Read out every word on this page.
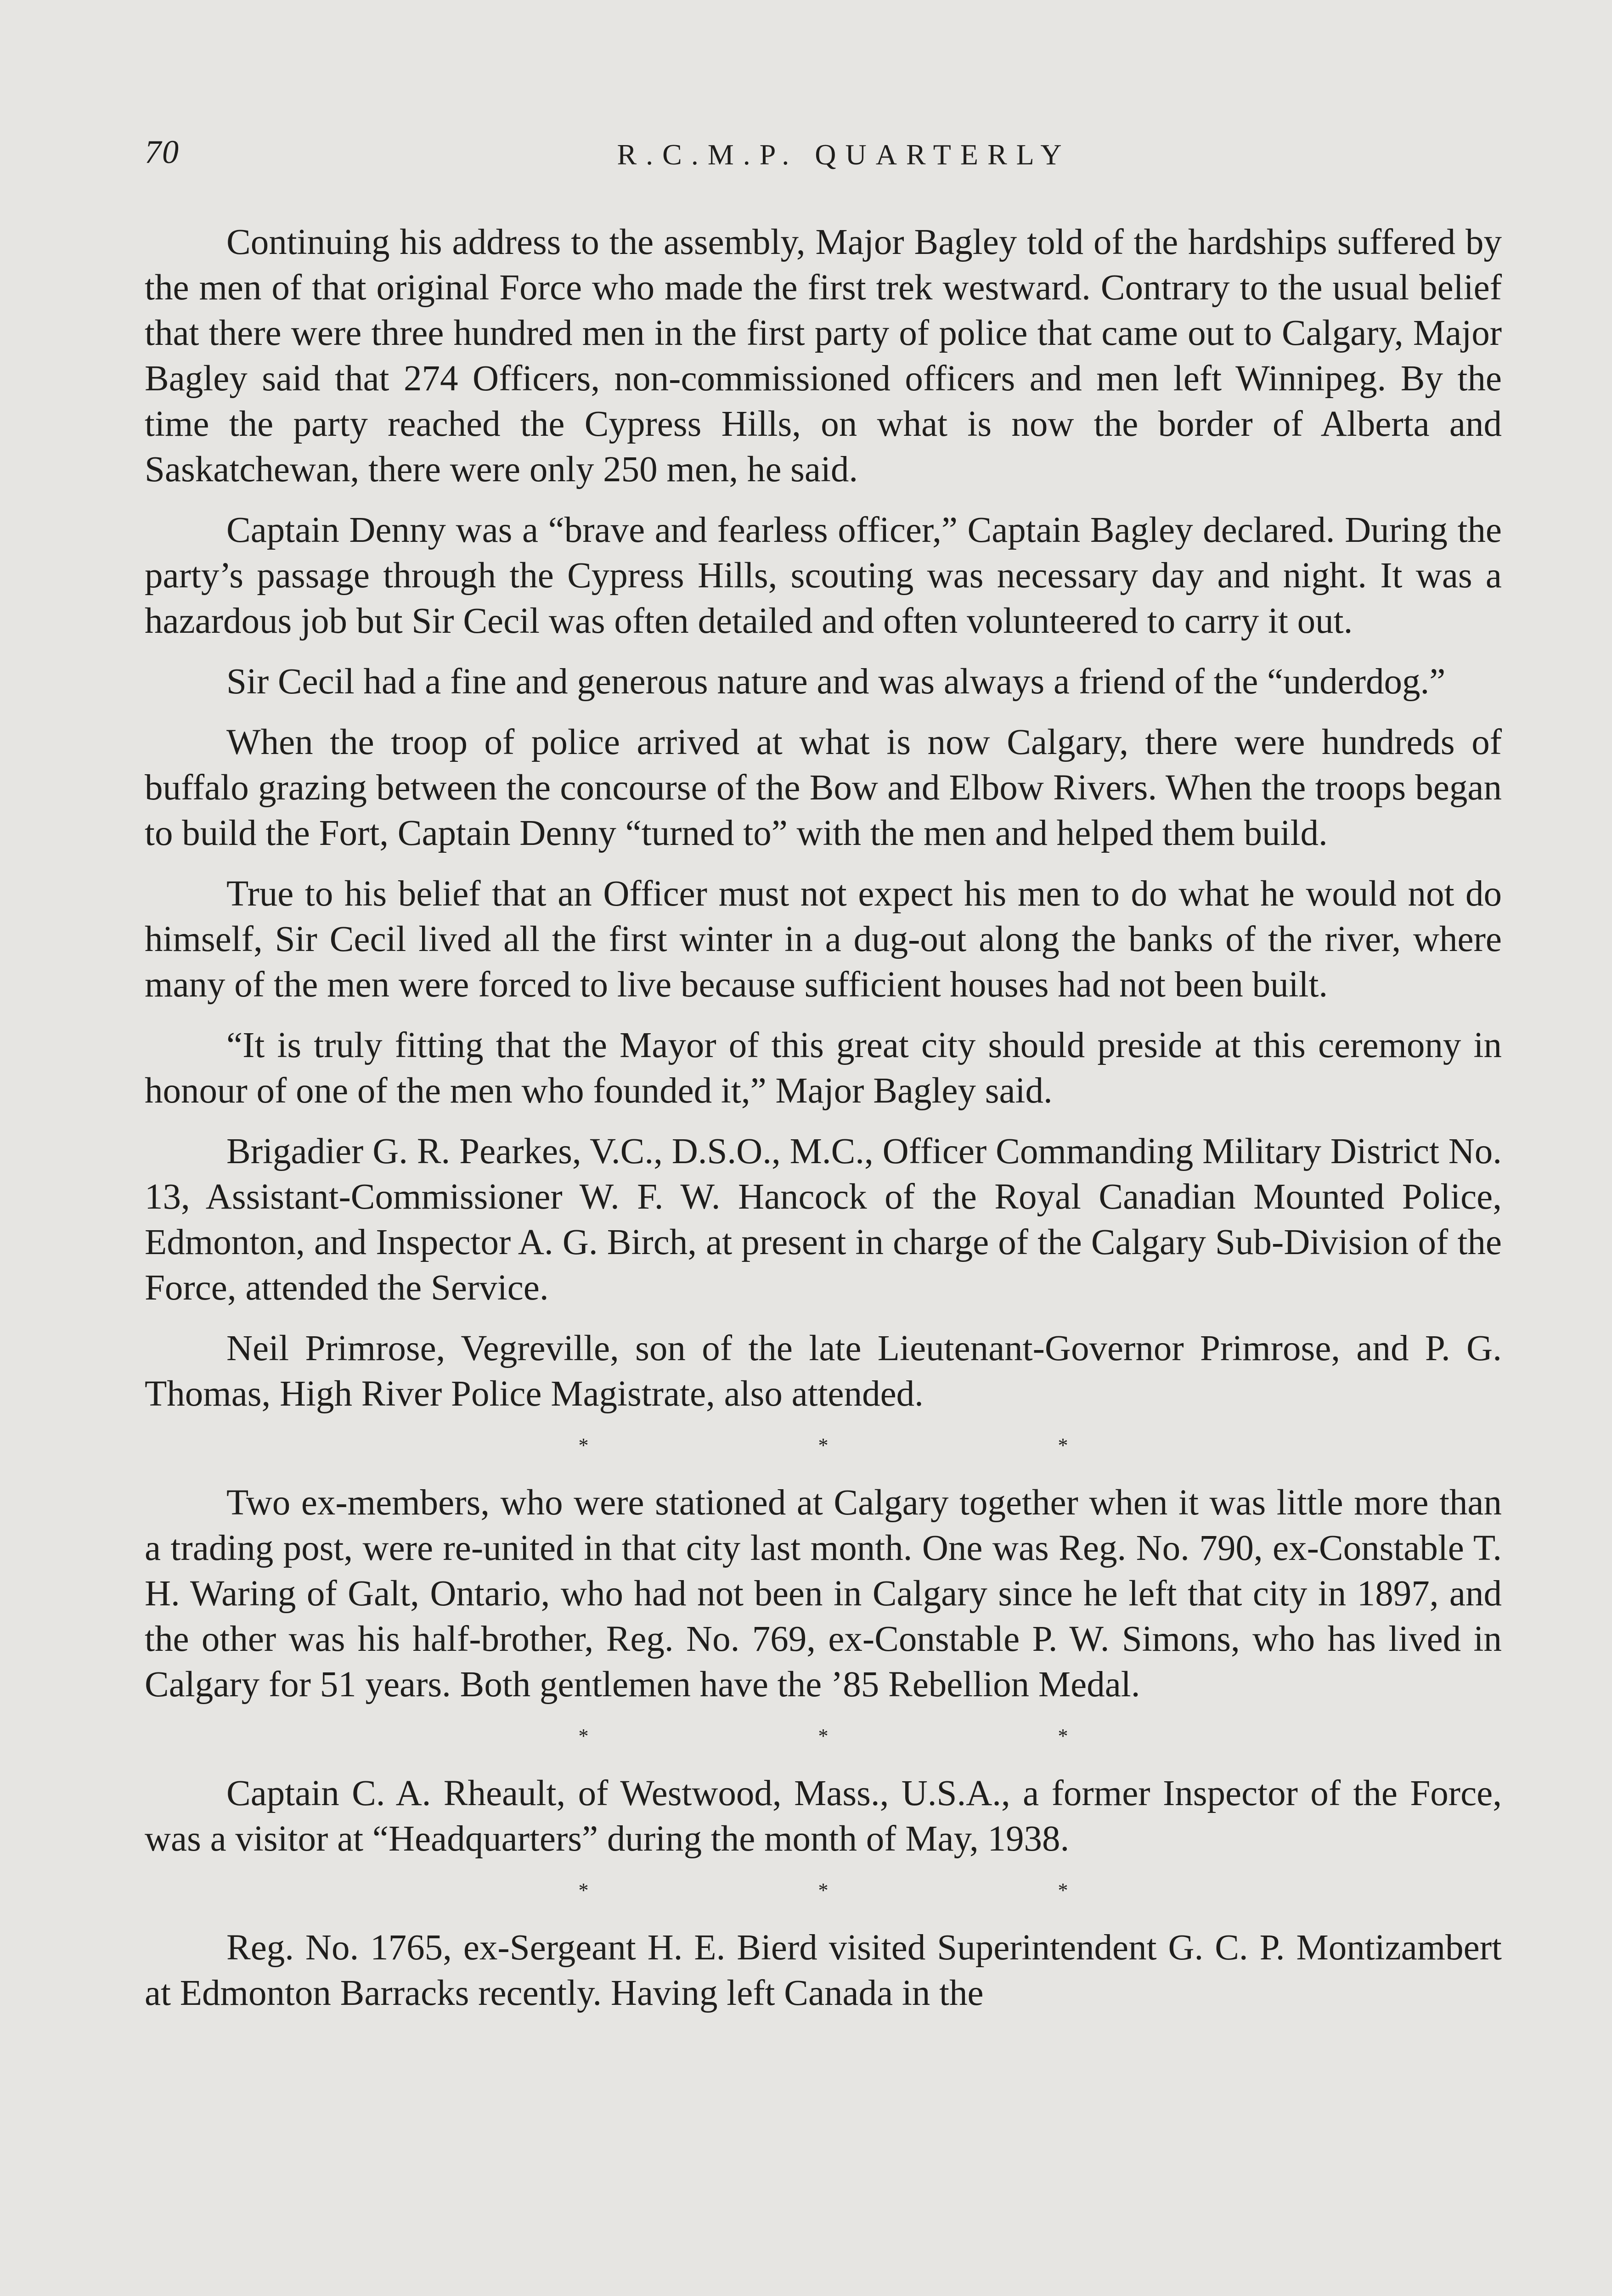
70	R.C.M.P. QUARTERLY

Continuing his address to the assembly, Major Bagley told of the hardships suffered by the men of that original Force who made the first trek westward. Contrary to the usual belief that there were three hundred men in the first party of police that came out to Calgary, Major Bagley said that 274 Officers, non-commissioned officers and men left Winnipeg. By the time the party reached the Cypress Hills, on what is now the border of Alberta and Saskatchewan, there were only 250 men, he said.

Captain Denny was a “brave and fearless officer,” Captain Bagley declared. During the party’s passage through the Cypress Hills, scouting was necessary day and night. It was a hazardous job but Sir Cecil was often detailed and often volunteered to carry it out.

Sir Cecil had a fine and generous nature and was always a friend of the “underdog.”

When the troop of police arrived at what is now Calgary, there were hundreds of buffalo grazing between the concourse of the Bow and Elbow Rivers. When the troops began to build the Fort, Captain Denny “turned to” with the men and helped them build.

True to his belief that an Officer must not expect his men to do what he would not do himself, Sir Cecil lived all the first winter in a dug-out along the banks of the river, where many of the men were forced to live because sufficient houses had not been built.

“It is truly fitting that the Mayor of this great city should preside at this ceremony in honour of one of the men who founded it,” Major Bagley said.

Brigadier G. R. Pearkes, V.C., D.S.O., M.C., Officer Commanding Military District No. 13, Assistant-Commissioner W. F. W. Hancock of the Royal Canadian Mounted Police, Edmonton, and Inspector A. G. Birch, at present in charge of the Calgary Sub-Division of the Force, attended the Service.

Neil Primrose, Vegreville, son of the late Lieutenant-Governor Primrose, and P. G. Thomas, High River Police Magistrate, also attended.

*	*	*

Two ex-members, who were stationed at Calgary together when it was little more than a trading post, were re-united in that city last month. One was Reg. No. 790, ex-Constable T. H. Waring of Galt, Ontario, who had not been in Calgary since he left that city in 1897, and the other was his half-brother, Reg. No. 769, ex-Constable P. W. Simons, who has lived in Calgary for 51 years. Both gentlemen have the ’85 Rebellion Medal.

*	*	*

Captain C. A. Rheault, of Westwood, Mass., U.S.A., a former Inspector of the Force, was a visitor at “Headquarters” during the month of May, 1938.

*	*	*

Reg. No. 1765, ex-Sergeant H. E. Bierd visited Superintendent G. C. P. Montizambert at Edmonton Barracks recently. Having left Canada in the
